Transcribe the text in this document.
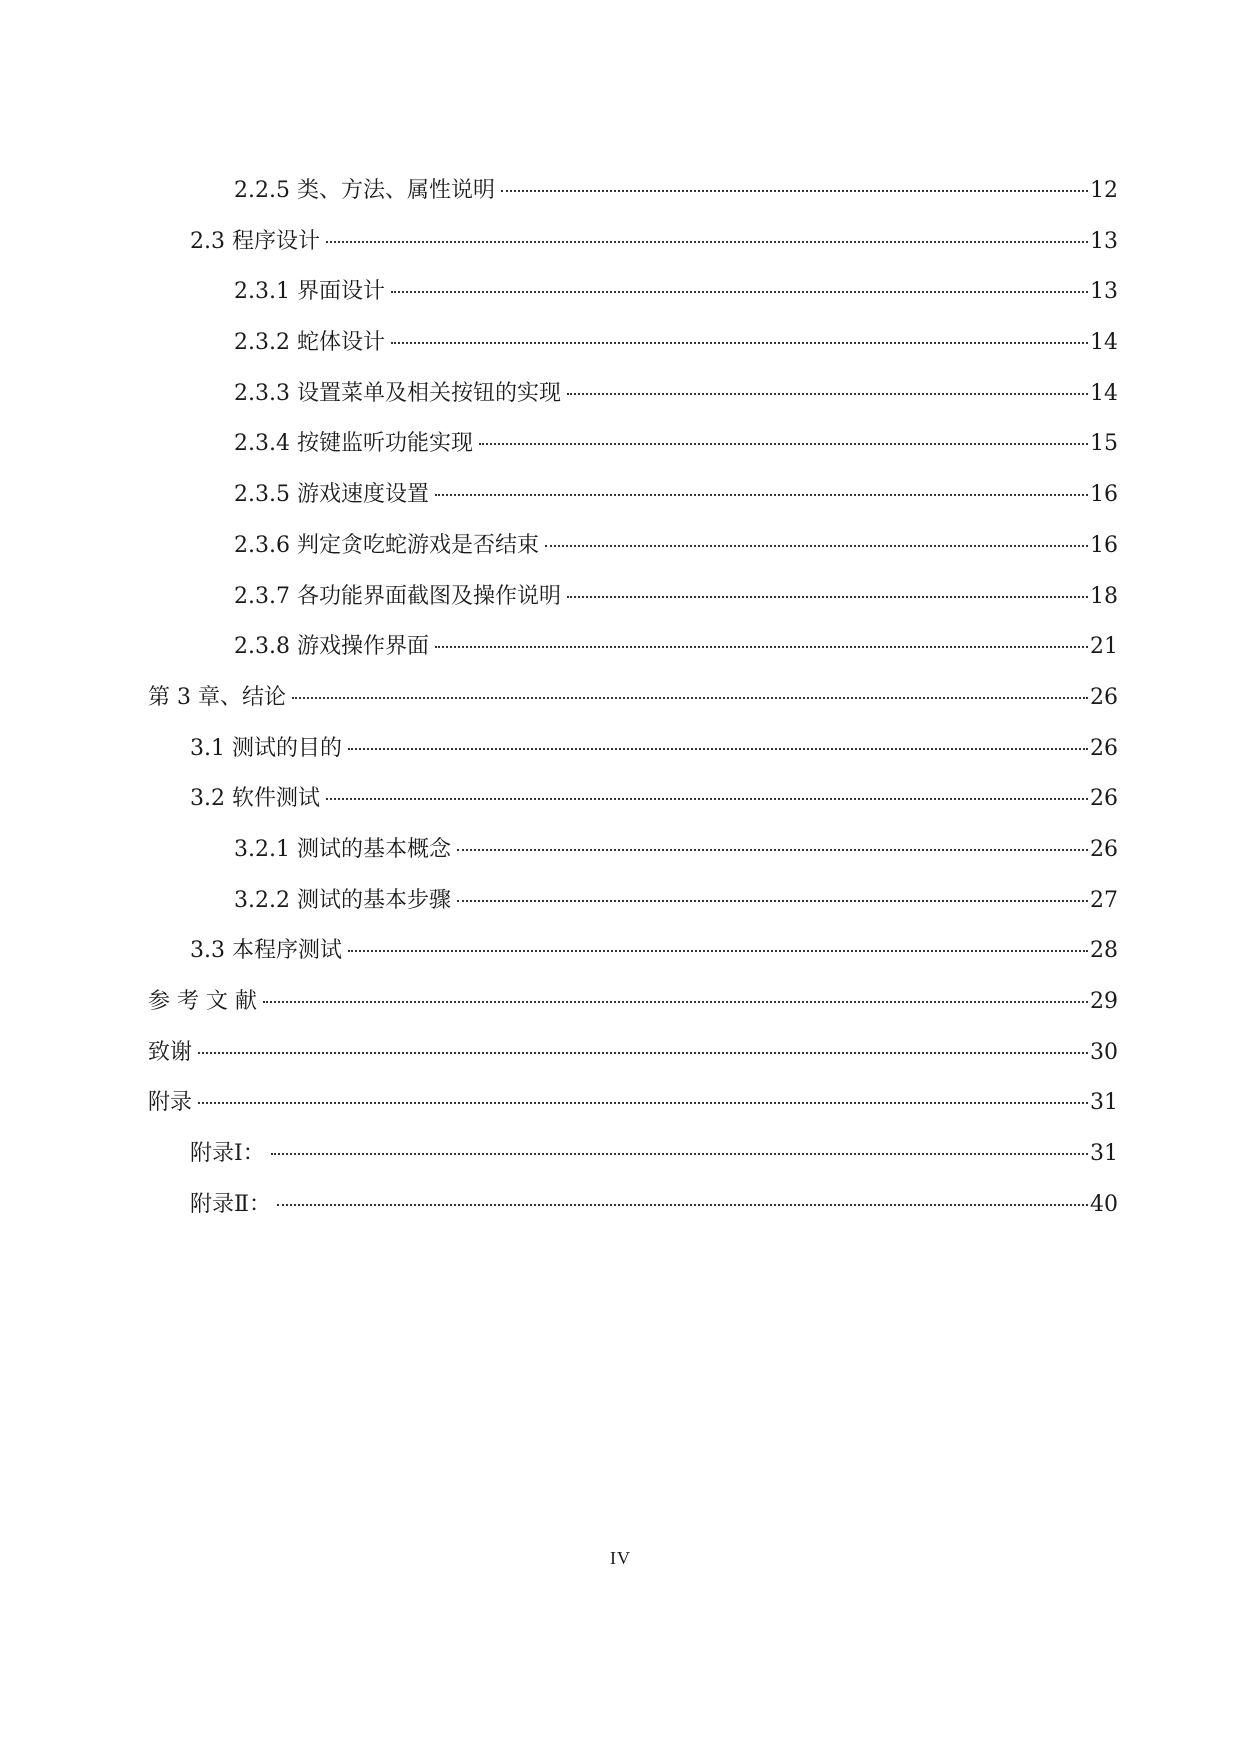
2.2.5 类、方法、属性说明	12
2.3 程序设计	13
2.3.1 界面设计	13
2.3.2 蛇体设计	14
2.3.3 设置菜单及相关按钮的实现	14
2.3.4 按键监听功能实现	15
2.3.5 游戏速度设置	16
2.3.6 判定贪吃蛇游戏是否结束	16
2.3.7 各功能界面截图及操作说明	18
2.3.8 游戏操作界面	21
第 3 章、结论	26
3.1 测试的目的	26
3.2 软件测试	26
3.2.1 测试的基本概念	26
3.2.2 测试的基本步骤	27
3.3 本程序测试	28
参 考 文 献	29
致谢	30
附录	31
附录Ⅰ：	31
附录Ⅱ：	40
IV
